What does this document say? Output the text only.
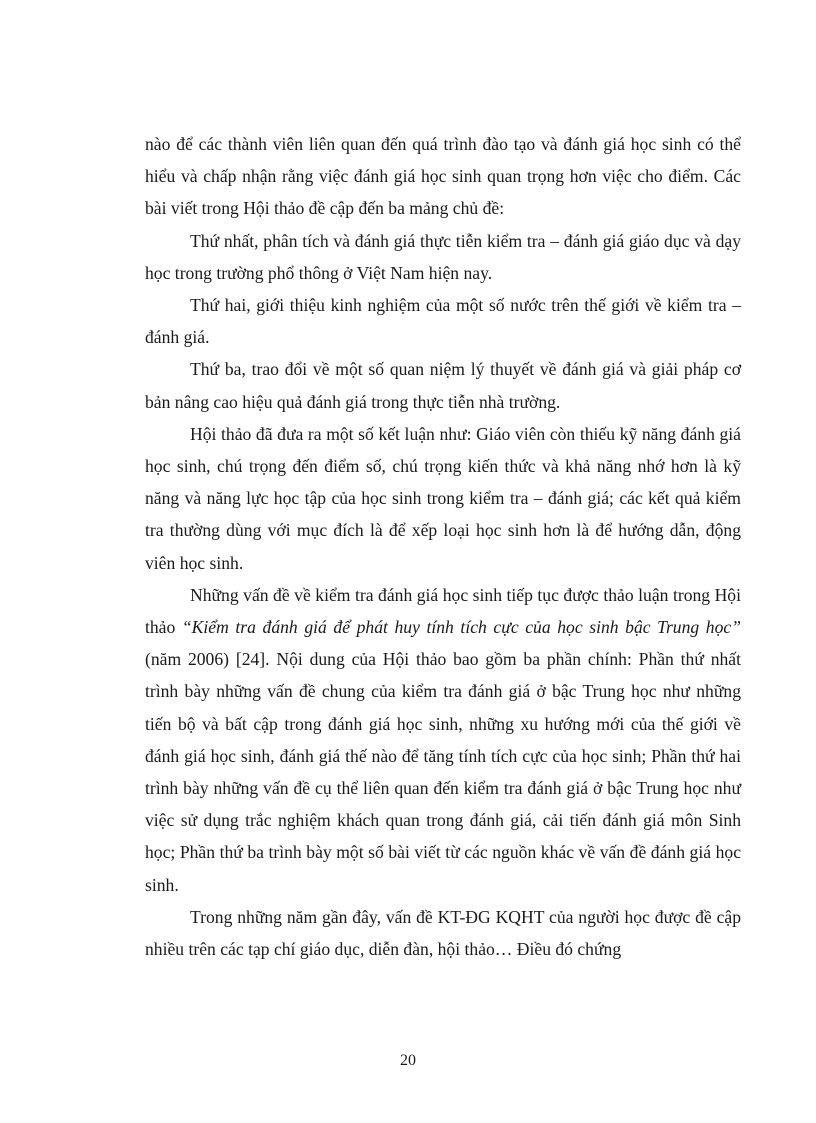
nào để các thành viên liên quan đến quá trình đào tạo và đánh giá học sinh có thể hiểu và chấp nhận rằng việc đánh giá học sinh quan trọng hơn việc cho điểm. Các bài viết trong Hội thảo đề cập đến ba mảng chủ đề:

Thứ nhất, phân tích và đánh giá thực tiễn kiểm tra – đánh giá giáo dục và dạy học trong trường phổ thông ở Việt Nam hiện nay.

Thứ hai, giới thiệu kinh nghiệm của một số nước trên thế giới về kiểm tra – đánh giá.

Thứ ba, trao đổi về một số quan niệm lý thuyết về đánh giá và giải pháp cơ bản nâng cao hiệu quả đánh giá trong thực tiễn nhà trường.

Hội thảo đã đưa ra một số kết luận như: Giáo viên còn thiếu kỹ năng đánh giá học sinh, chú trọng đến điểm số, chú trọng kiến thức và khả năng nhớ hơn là kỹ năng và năng lực học tập của học sinh trong kiểm tra – đánh giá; các kết quả kiểm tra thường dùng với mục đích là để xếp loại học sinh hơn là để hướng dẫn, động viên học sinh.

Những vấn đề về kiểm tra đánh giá học sinh tiếp tục được thảo luận trong Hội thảo “Kiểm tra đánh giá để phát huy tính tích cực của học sinh bậc Trung học” (năm 2006) [24]. Nội dung của Hội thảo bao gồm ba phần chính: Phần thứ nhất trình bày những vấn đề chung của kiểm tra đánh giá ở bậc Trung học như những tiến bộ và bất cập trong đánh giá học sinh, những xu hướng mới của thế giới về đánh giá học sinh, đánh giá thế nào để tăng tính tích cực của học sinh; Phần thứ hai trình bày những vấn đề cụ thể liên quan đến kiểm tra đánh giá ở bậc Trung học như việc sử dụng trắc nghiệm khách quan trong đánh giá, cải tiến đánh giá môn Sinh học; Phần thứ ba trình bày một số bài viết từ các nguồn khác về vấn đề đánh giá học sinh.

Trong những năm gần đây, vấn đề KT-ĐG KQHT của người học được đề cập nhiều trên các tạp chí giáo dục, diễn đàn, hội thảo… Điều đó chứng

20
